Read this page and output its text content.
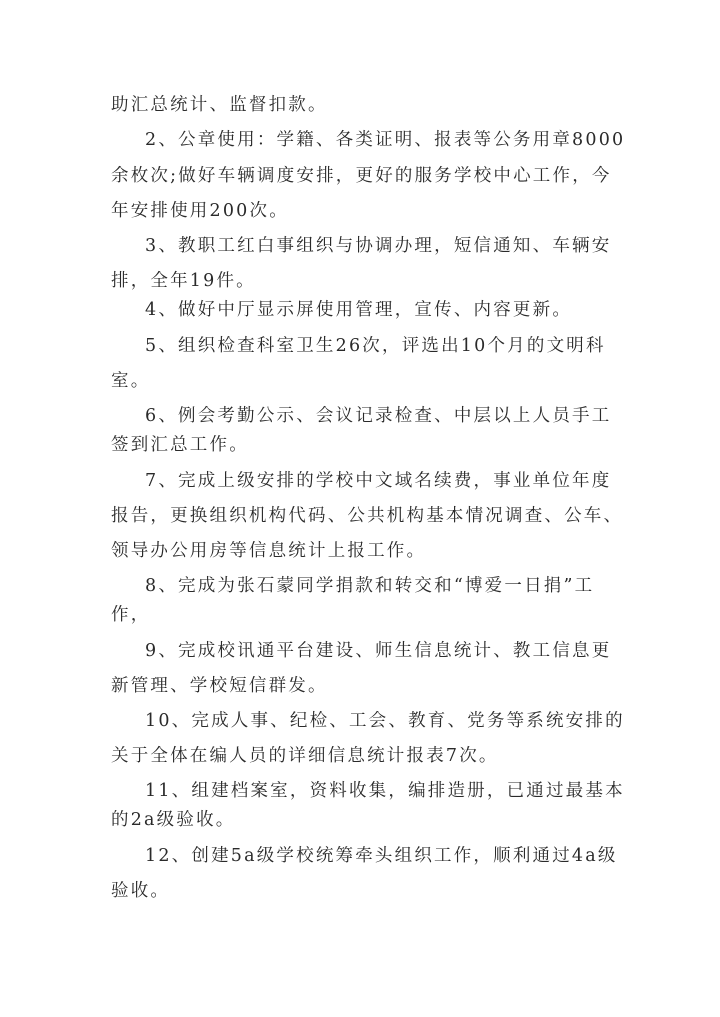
助汇总统计、监督扣款。
2、公章使用：学籍、各类证明、报表等公务用章8000
余枚次;做好车辆调度安排，更好的服务学校中心工作，今
年安排使用200次。
3、教职工红白事组织与协调办理，短信通知、车辆安
排，全年19件。
4、做好中厅显示屏使用管理，宣传、内容更新。
5、组织检查科室卫生26次，评选出10个月的文明科
室。
6、例会考勤公示、会议记录检查、中层以上人员手工
签到汇总工作。
7、完成上级安排的学校中文域名续费，事业单位年度
报告，更换组织机构代码、公共机构基本情况调查、公车、
领导办公用房等信息统计上报工作。
8、完成为张石蒙同学捐款和转交和“博爱一日捐”工
作，
9、完成校讯通平台建设、师生信息统计、教工信息更
新管理、学校短信群发。
10、完成人事、纪检、工会、教育、党务等系统安排的
关于全体在编人员的详细信息统计报表7次。
11、组建档案室，资料收集，编排造册，已通过最基本
的2a级验收。
12、创建5a级学校统筹牵头组织工作，顺利通过4a级
验收。
